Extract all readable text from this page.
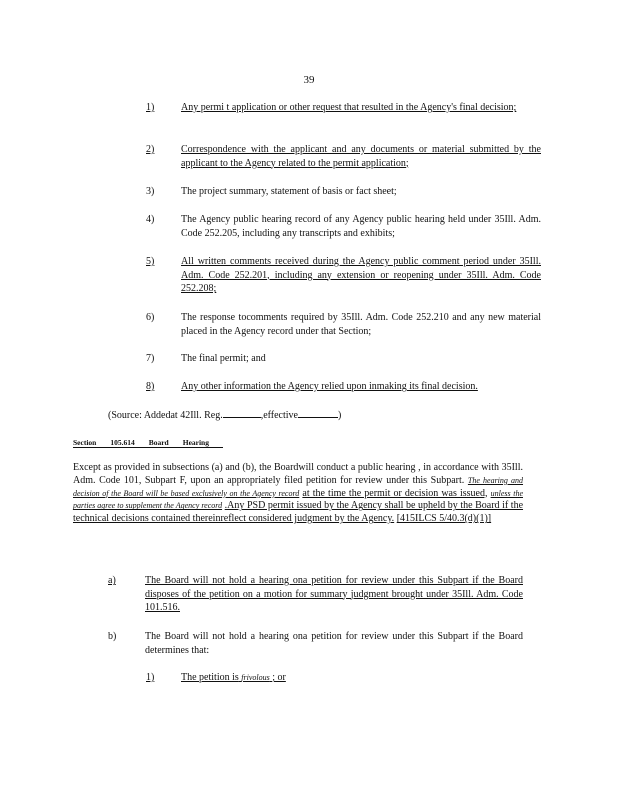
39
1)	Any permi t application or other request that resulted in the Agency's final decision;
2)	Correspondence with the applicant and any documents or material submitted by the applicant to the Agency related to the permit application;
3)	The project summary, statement of basis or fact sheet;
4)	The Agency public hearing record of any Agency public hearing held under 35Ill. Adm. Code 252.205, including any transcripts and exhibits;
5)	All written comments received during the Agency public comment period under 35Ill. Adm. Code 252.201, including any extension or reopening under 35Ill. Adm. Code 252.208;
6)	The response tocomments required by 35Ill. Adm. Code 252.210 and any new material placed in the Agency record under that Section;
7)	The final permit; and
8)	Any other information the Agency relied upon inmaking its final decision.
(Source: Addedat 42Ill. Reg.	,effective	)
Section 105.614 Board Hearing

Except as provided in subsections (a) and (b), the Boardwill conduct a public hearing , in accordance with 35Ill. Adm. Code 101, Subpart F, upon an appropriately filed petition for review under this Subpart. The hearing and decision of the Board will be based exclusively on the Agency record at the time the permit or decision was issued, unless the parties agree to supplement the Agency record .Any PSD permit issued by the Agency shall be upheld by the Board if the technical decisions contained thereinreflect considered judgment by the Agency. [415ILCS 5/40.3(d)(1)]

a)	The Board will not hold a hearing ona petition for review under this Subpart if the Board disposes of the petition on a motion for summary judgment brought under 35Ill. Adm. Code 101.516.
b)	The Board will not hold a hearing ona petition for review under this Subpart if the Board determines that:
1)	The petition is frivolous ; or
